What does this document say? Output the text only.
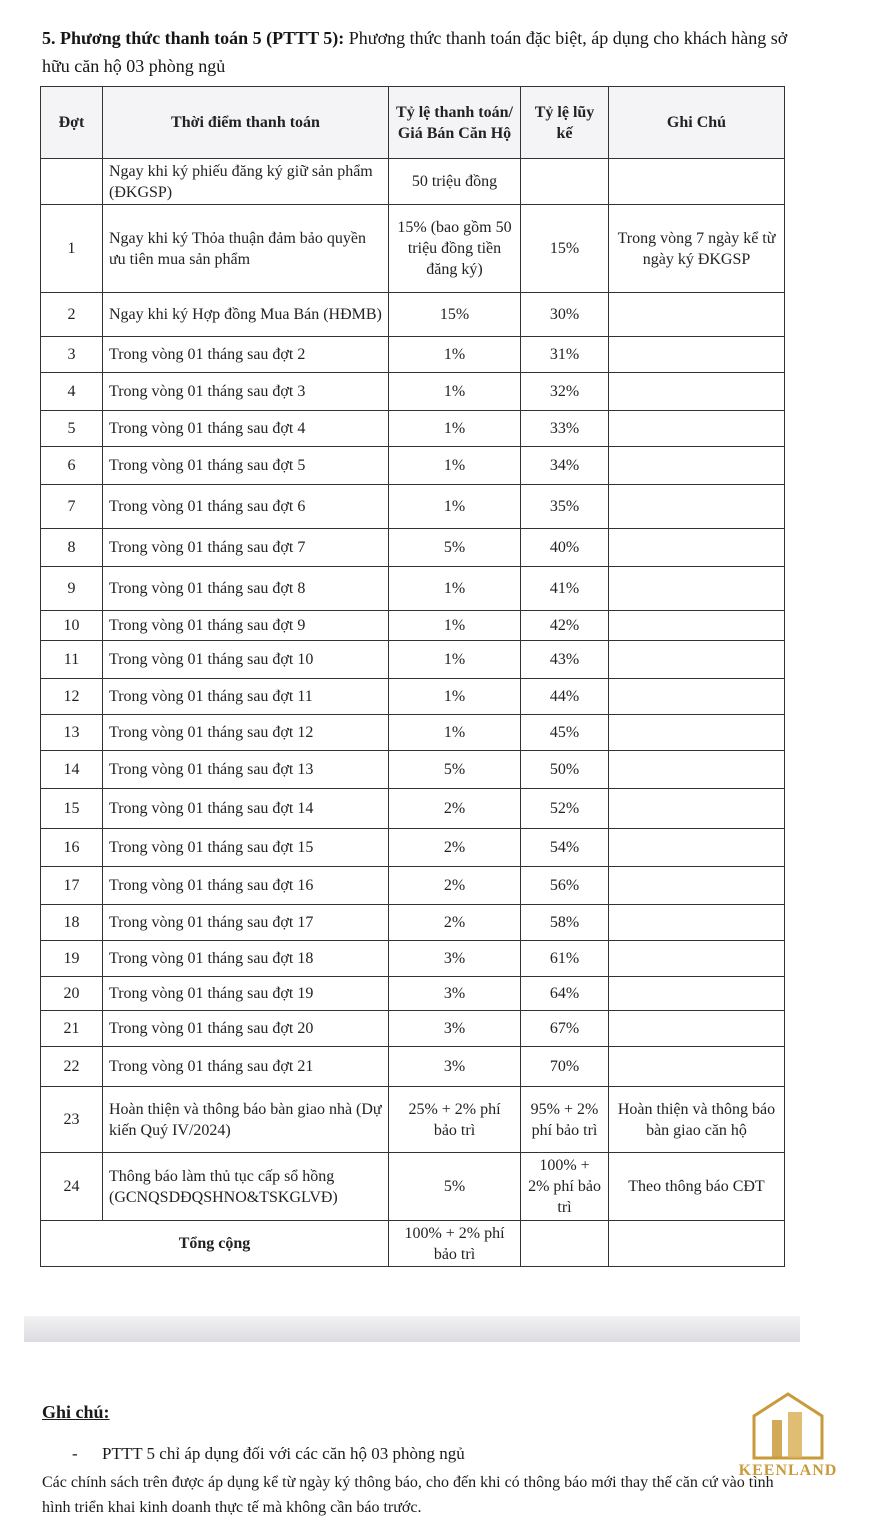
5. Phương thức thanh toán 5 (PTTT 5): Phương thức thanh toán đặc biệt, áp dụng cho khách hàng sở hữu căn hộ 03 phòng ngủ
Đợt	Thời điểm thanh toán	Tỷ lệ thanh toán/ Giá Bán Căn Hộ	Tỷ lệ lũy kế	Ghi Chú
	Ngay khi ký phiếu đăng ký giữ sản phẩm (ĐKGSP)	50 triệu đồng		
1	Ngay khi ký Thỏa thuận đảm bảo quyền ưu tiên mua sản phẩm	15% (bao gồm 50 triệu đồng tiền đăng ký)	15%	Trong vòng 7 ngày kể từ ngày ký ĐKGSP
2	Ngay khi ký Hợp đồng Mua Bán (HĐMB)	15%	30%	
3	Trong vòng 01 tháng sau đợt 2	1%	31%	
4	Trong vòng 01 tháng sau đợt 3	1%	32%	
5	Trong vòng 01 tháng sau đợt 4	1%	33%	
6	Trong vòng 01 tháng sau đợt 5	1%	34%	
7	Trong vòng 01 tháng sau đợt 6	1%	35%	
8	Trong vòng 01 tháng sau đợt 7	5%	40%	
9	Trong vòng 01 tháng sau đợt 8	1%	41%	
10	Trong vòng 01 tháng sau đợt 9	1%	42%	
11	Trong vòng 01 tháng sau đợt 10	1%	43%	
12	Trong vòng 01 tháng sau đợt 11	1%	44%	
13	Trong vòng 01 tháng sau đợt 12	1%	45%	
14	Trong vòng 01 tháng sau đợt 13	5%	50%	
15	Trong vòng 01 tháng sau đợt 14	2%	52%	
16	Trong vòng 01 tháng sau đợt 15	2%	54%	
17	Trong vòng 01 tháng sau đợt 16	2%	56%	
18	Trong vòng 01 tháng sau đợt 17	2%	58%	
19	Trong vòng 01 tháng sau đợt 18	3%	61%	
20	Trong vòng 01 tháng sau đợt 19	3%	64%	
21	Trong vòng 01 tháng sau đợt 20	3%	67%	
22	Trong vòng 01 tháng sau đợt 21	3%	70%	
23	Hoàn thiện và thông báo bàn giao nhà (Dự kiến Quý IV/2024)	25% + 2% phí bảo trì	95% + 2% phí bảo trì	Hoàn thiện và thông báo bàn giao căn hộ
24	Thông báo làm thủ tục cấp sổ hồng (GCNQSDĐQSHNO&TSKGLVĐ)	5%	100% + 2% phí bảo trì	Theo thông báo CĐT
Tổng cộng		100% + 2% phí bảo trì		
Ghi chú:
- PTTT 5 chỉ áp dụng đối với các căn hộ 03 phòng ngủ
Các chính sách trên được áp dụng kể từ ngày ký thông báo, cho đến khi có thông báo mới thay thế căn cứ vào tình hình triển khai kinh doanh thực tế mà không cần báo trước.
KEENLAND
